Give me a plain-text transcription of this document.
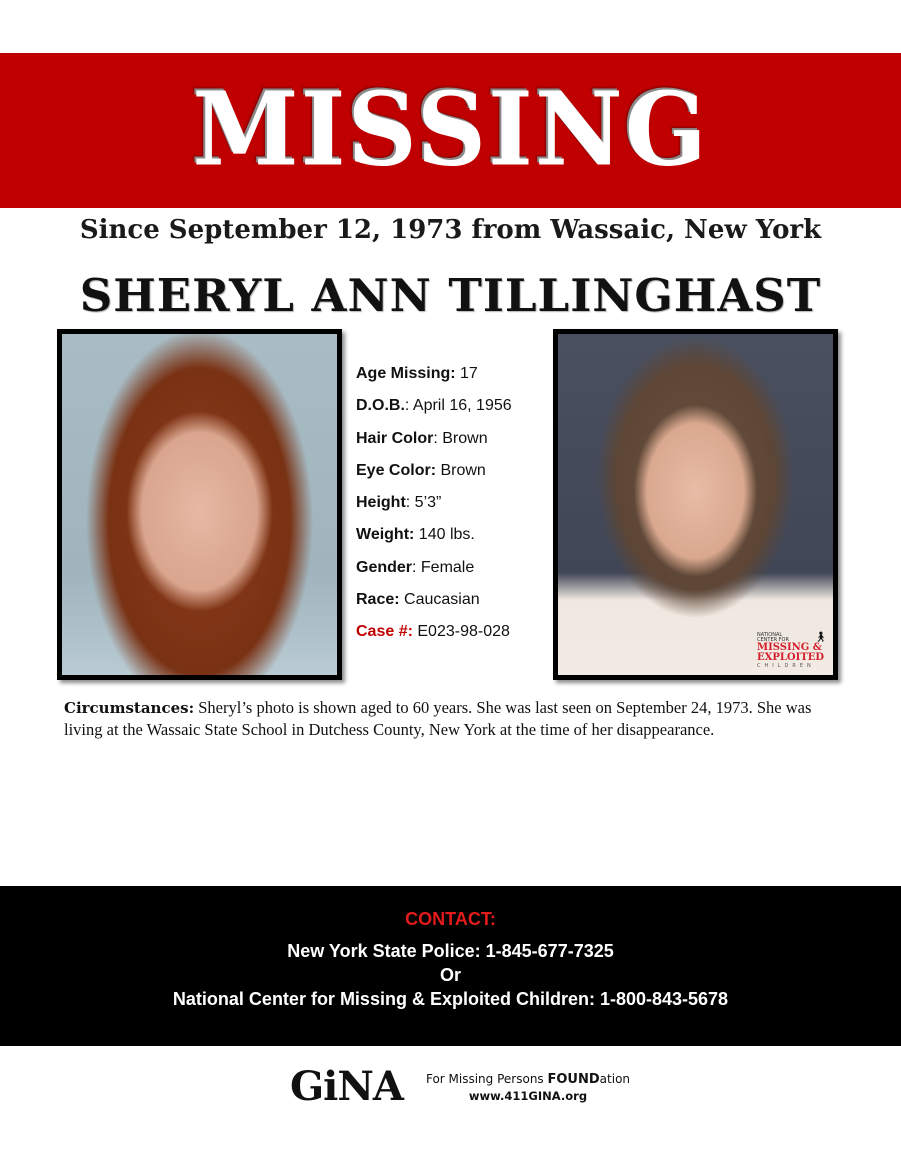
MISSING
Since September 12, 1973 from Wassaic, New York
SHERYL ANN TILLINGHAST
Age Missing: 17
D.O.B.: April 16, 1956
Hair Color: Brown
Eye Color: Brown
Height: 5’3”
Weight: 140 lbs.
Gender: Female
Race: Caucasian
Case #: E023-98-028	🚶︎
NATIONAL
CENTER FOR
MISSING &
EXPLOITED
CHILDREN
Circumstances: Sheryl’s photo is shown aged to 60 years. She was last seen on September 24, 1973. She was living at the Wassaic State School in Dutchess County, New York at the time of her disappearance.
CONTACT:
New York State Police: 1-845-677-7325
Or
National Center for Missing & Exploited Children: 1-800-843-5678
GiNA	For Missing Persons FOUNDation
www.411GINA.org
